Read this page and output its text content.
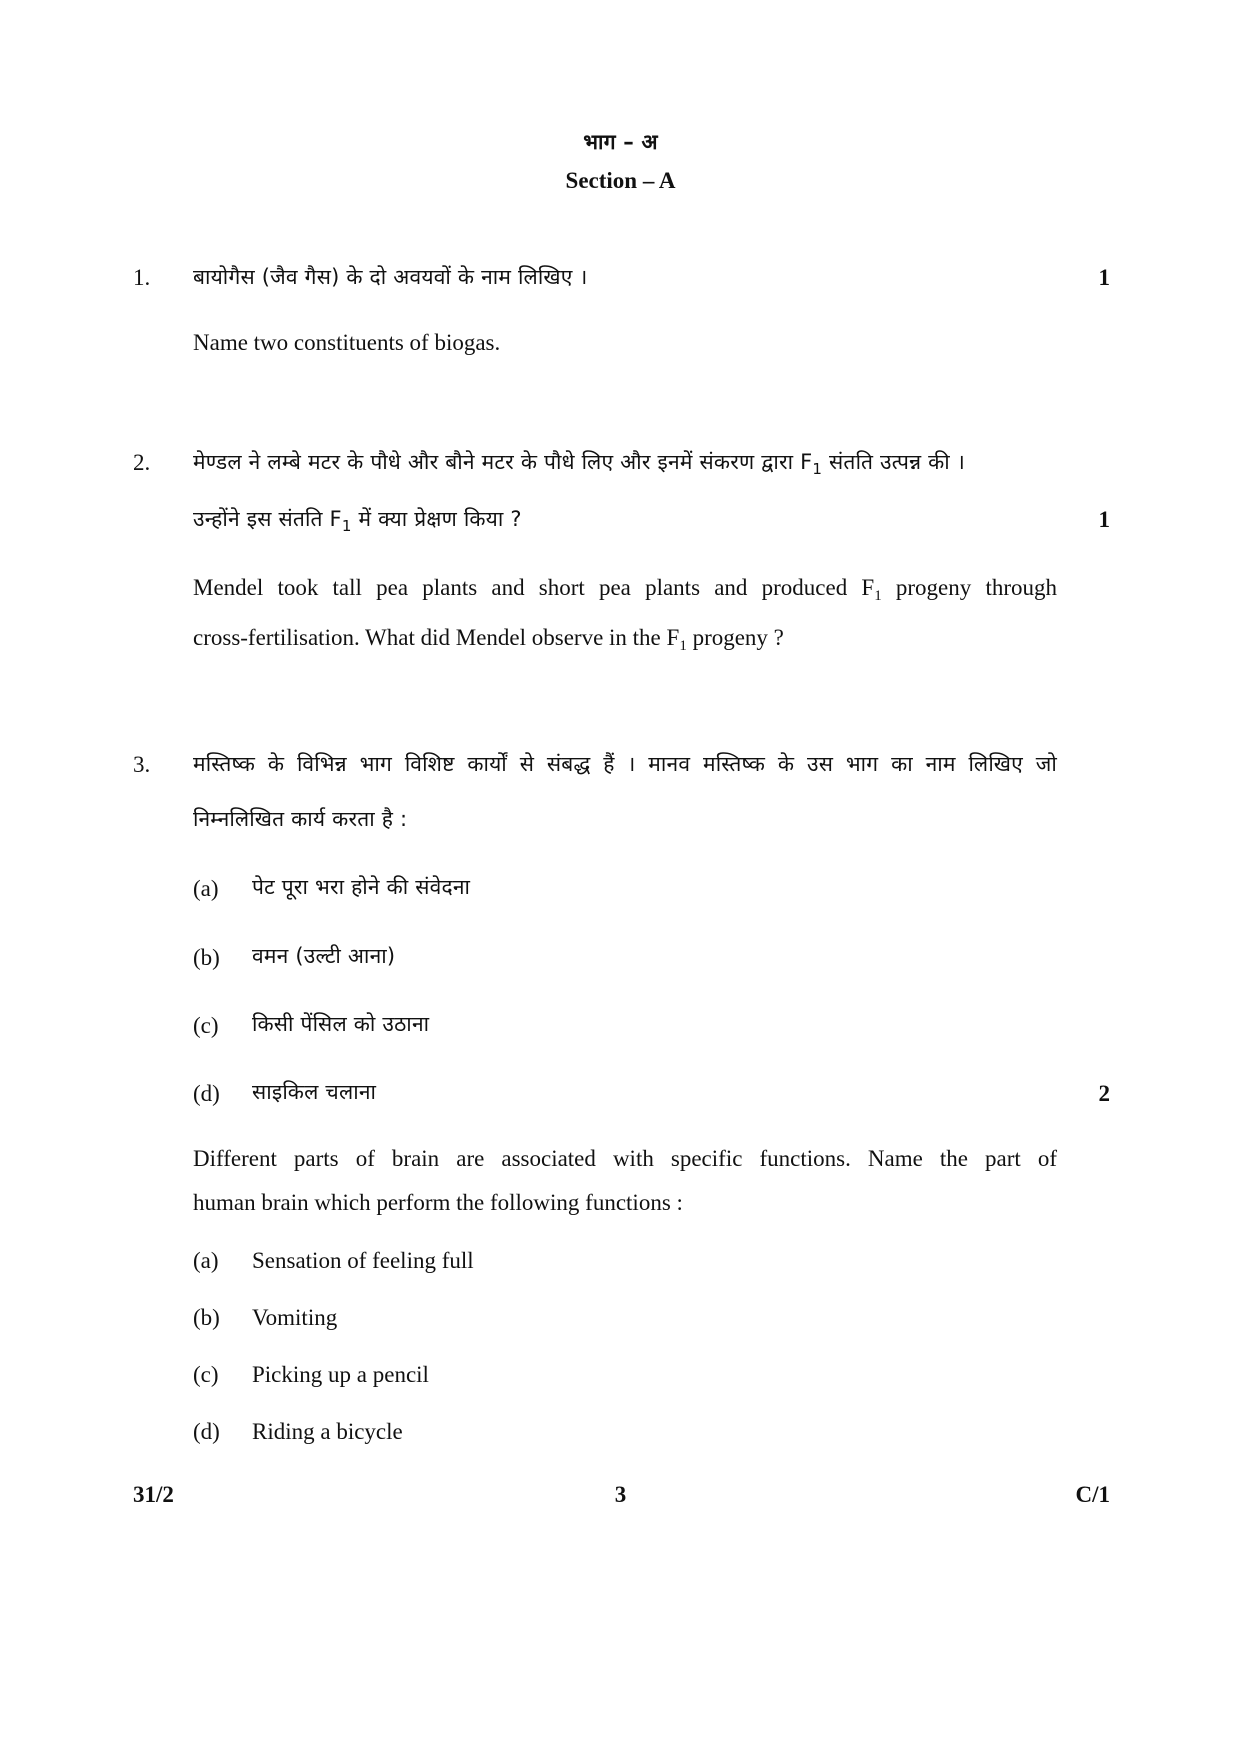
भाग – अ
Section – A
1. बायोगैस (जैव गैस) के दो अवयवों के नाम लिखिए ।	1
Name two constituents of biogas.
2. मेण्डल ने लम्बे मटर के पौधे और बौने मटर के पौधे लिए और इनमें संकरण द्वारा $F_1$ संतति उत्पन्न की ।
उन्होंने इस संतति $F_1$ में क्या प्रेक्षण किया ?	1
Mendel took tall pea plants and short pea plants and produced $F_1$ progeny through
cross-fertilisation. What did Mendel observe in the $F_1$ progeny ?
3. मस्तिष्क के विभिन्न भाग विशिष्ट कार्यों से संबद्ध हैं । मानव मस्तिष्क के उस भाग का नाम लिखिए जो
निम्नलिखित कार्य करता है :
(a) पेट पूरा भरा होने की संवेदना
(b) वमन (उल्टी आना)
(c) किसी पेंसिल को उठाना
(d) साइकिल चलाना	2
Different parts of brain are associated with specific functions. Name the part of
human brain which perform the following functions :
(a) Sensation of feeling full
(b) Vomiting
(c) Picking up a pencil
(d) Riding a bicycle
31/2	3	C/1
